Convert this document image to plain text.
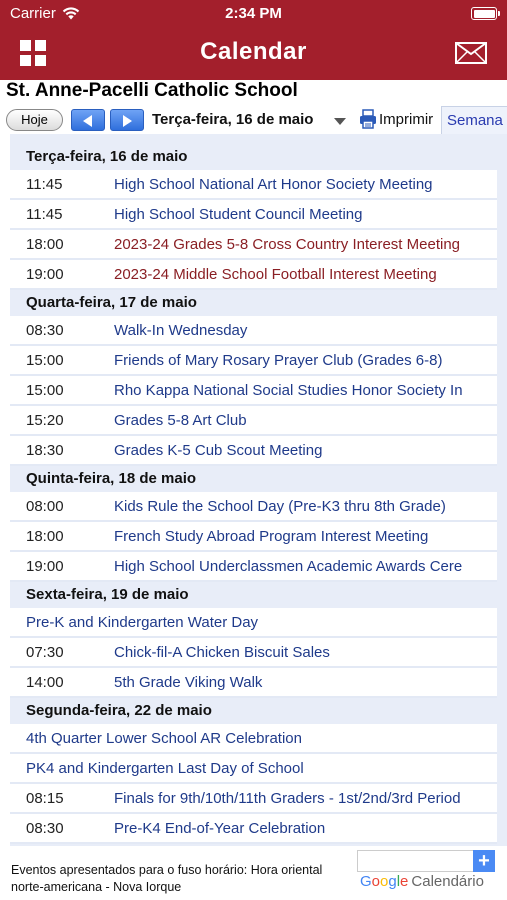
Carrier	2:34 PM
Calendar
St. Anne-Pacelli Catholic School
Hoje	Terça-feira, 16 de maio	Imprimir Semana
Terça-feira, 16 de maio
11:45	High School National Art Honor Society Meeting
11:45	High School Student Council Meeting
18:00	2023-24 Grades 5-8 Cross Country Interest Meeting
19:00	2023-24 Middle School Football Interest Meeting
Quarta-feira, 17 de maio
08:30	Walk-In Wednesday
15:00	Friends of Mary Rosary Prayer Club (Grades 6-8)
15:00	Rho Kappa National Social Studies Honor Society In
15:20	Grades 5-8 Art Club
18:30	Grades K-5 Cub Scout Meeting
Quinta-feira, 18 de maio
08:00	Kids Rule the School Day (Pre-K3 thru 8th Grade)
18:00	French Study Abroad Program Interest Meeting
19:00	High School Underclassmen Academic Awards Cere
Sexta-feira, 19 de maio
Pre-K and Kindergarten Water Day
07:30	Chick-fil-A Chicken Biscuit Sales
14:00	5th Grade Viking Walk
Segunda-feira, 22 de maio
4th Quarter Lower School AR Celebration
PK4 and Kindergarten Last Day of School
08:15	Finals for 9th/10th/11th Graders - 1st/2nd/3rd Period
08:30	Pre-K4 End-of-Year Celebration
Eventos apresentados para o fuso horário: Hora oriental norte-americana - Nova Iorque
+
G o o g l e Calendário
